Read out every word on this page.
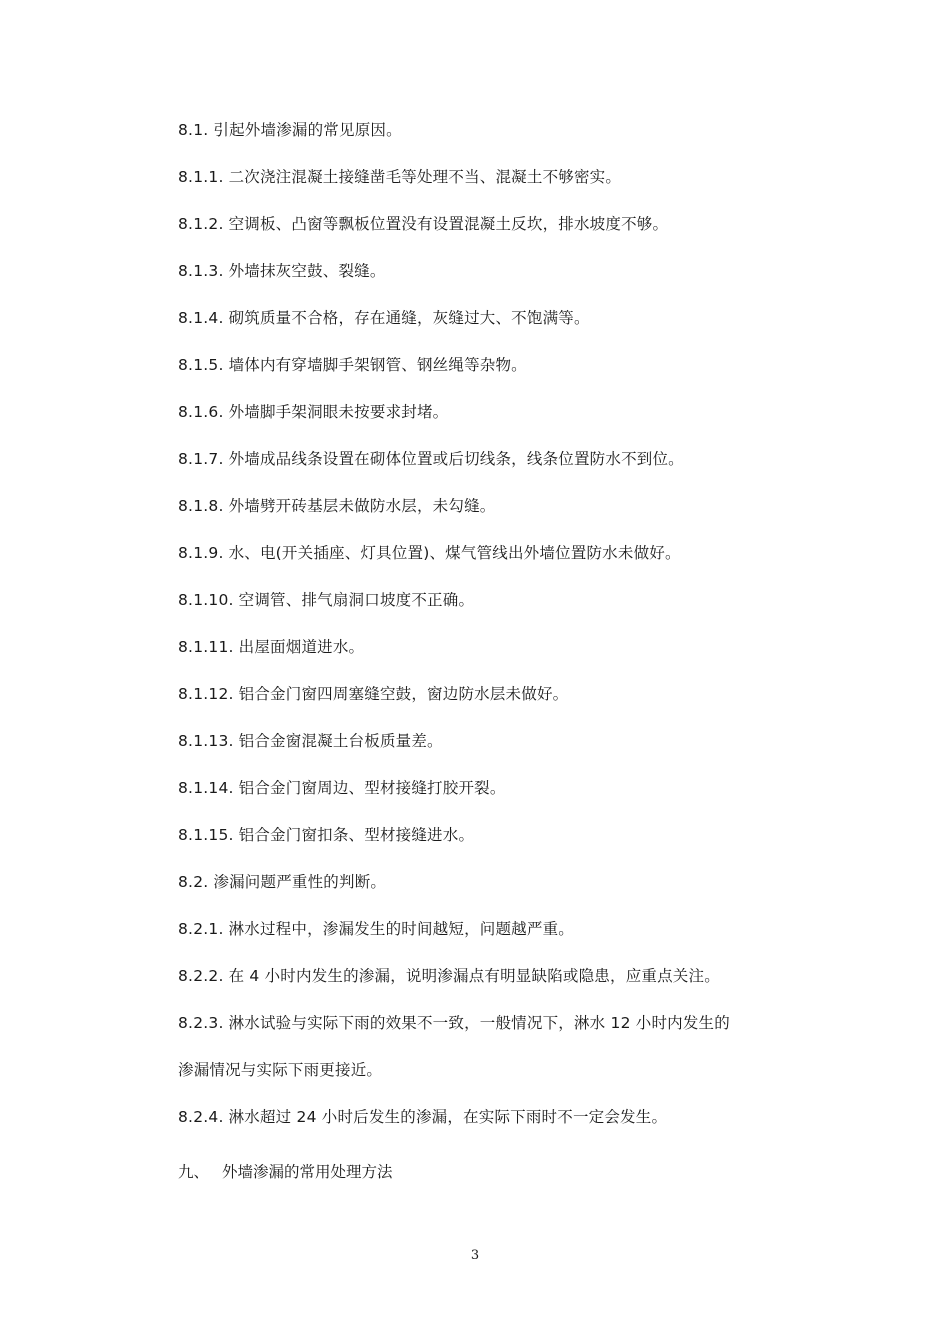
8.1. 引起外墙渗漏的常见原因。
8.1.1. 二次浇注混凝土接缝凿毛等处理不当、混凝土不够密实。
8.1.2. 空调板、凸窗等飘板位置没有设置混凝土反坎，排水坡度不够。
8.1.3. 外墙抹灰空鼓、裂缝。
8.1.4. 砌筑质量不合格，存在通缝，灰缝过大、不饱满等。
8.1.5. 墙体内有穿墙脚手架钢管、钢丝绳等杂物。
8.1.6. 外墙脚手架洞眼未按要求封堵。
8.1.7. 外墙成品线条设置在砌体位置或后切线条，线条位置防水不到位。
8.1.8. 外墙劈开砖基层未做防水层，未勾缝。
8.1.9. 水、电(开关插座、灯具位置)、煤气管线出外墙位置防水未做好。
8.1.10. 空调管、排气扇洞口坡度不正确。
8.1.11. 出屋面烟道进水。
8.1.12. 铝合金门窗四周塞缝空鼓，窗边防水层未做好。
8.1.13. 铝合金窗混凝土台板质量差。
8.1.14. 铝合金门窗周边、型材接缝打胶开裂。
8.1.15. 铝合金门窗扣条、型材接缝进水。
8.2. 渗漏问题严重性的判断。
8.2.1. 淋水过程中，渗漏发生的时间越短，问题越严重。
8.2.2. 在 4 小时内发生的渗漏，说明渗漏点有明显缺陷或隐患，应重点关注。
8.2.3. 淋水试验与实际下雨的效果不一致，一般情况下，淋水 12 小时内发生的
渗漏情况与实际下雨更接近。
8.2.4. 淋水超过 24 小时后发生的渗漏，在实际下雨时不一定会发生。
九、 外墙渗漏的常用处理方法
3
